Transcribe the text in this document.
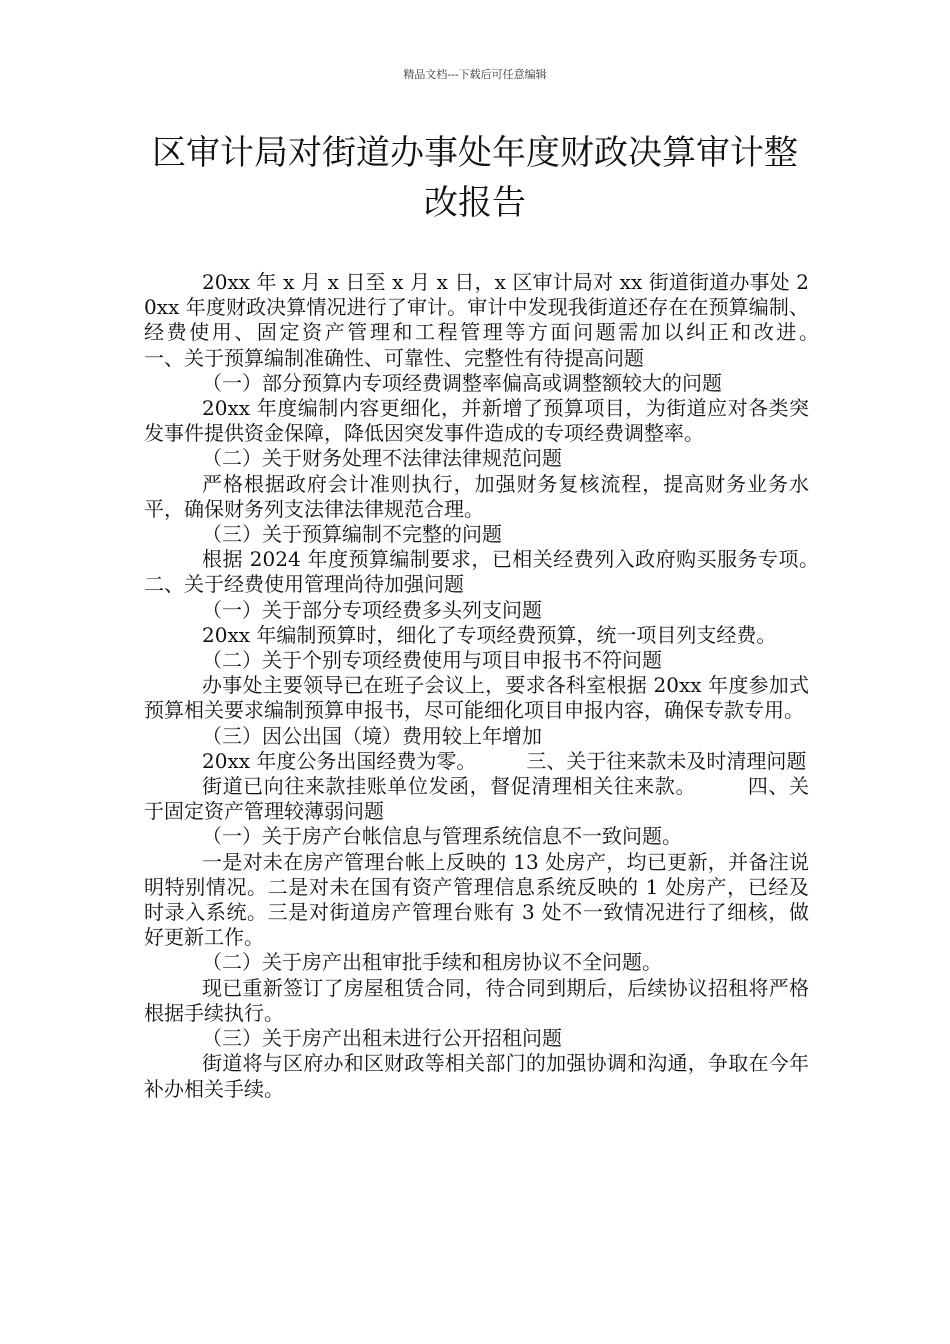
精品文档---下载后可任意编辑
区审计局对街道办事处年度财政决算审计整改报告

20xx 年 x 月 x 日至 x 月 x 日，x 区审计局对 xx 街道街道办事处 20xx 年度财政决算情况进行了审计。审计中发现我街道还存在在预算编制、经费使用、固定资产管理和工程管理等方面问题需加以纠正和改进。　　　一、关于预算编制准确性、可靠性、完整性有待提高问题

（一）部分预算内专项经费调整率偏高或调整额较大的问题

20xx 年度编制内容更细化，并新增了预算项目，为街道应对各类突发事件提供资金保障，降低因突发事件造成的专项经费调整率。

（二）关于财务处理不法律法律规范问题

严格根据政府会计准则执行，加强财务复核流程，提高财务业务水平，确保财务列支法律法律规范合理。

（三）关于预算编制不完整的问题

根据 2024 年度预算编制要求，已相关经费列入政府购买服务专项。　　　二、关于经费使用管理尚待加强问题

（一）关于部分专项经费多头列支问题

20xx 年编制预算时，细化了专项经费预算，统一项目列支经费。

（二）关于个别专项经费使用与项目申报书不符问题

办事处主要领导已在班子会议上，要求各科室根据 20xx 年度参加式预算相关要求编制预算申报书，尽可能细化项目申报内容，确保专款专用。

（三）因公出国（境）费用较上年增加

20xx 年度公务出国经费为零。　　　三、关于往来款未及时清理问题

街道已向往来款挂账单位发函，督促清理相关往来款。　　　四、关于固定资产管理较薄弱问题

（一）关于房产台帐信息与管理系统信息不一致问题。

一是对未在房产管理台帐上反映的 13 处房产，均已更新，并备注说明特别情况。二是对未在国有资产管理信息系统反映的 1 处房产，已经及时录入系统。三是对街道房产管理台账有 3 处不一致情况进行了细核，做好更新工作。

（二）关于房产出租审批手续和租房协议不全问题。

现已重新签订了房屋租赁合同，待合同到期后，后续协议招租将严格根据手续执行。

（三）关于房产出租未进行公开招租问题

街道将与区府办和区财政等相关部门的加强协调和沟通，争取在今年补办相关手续。
